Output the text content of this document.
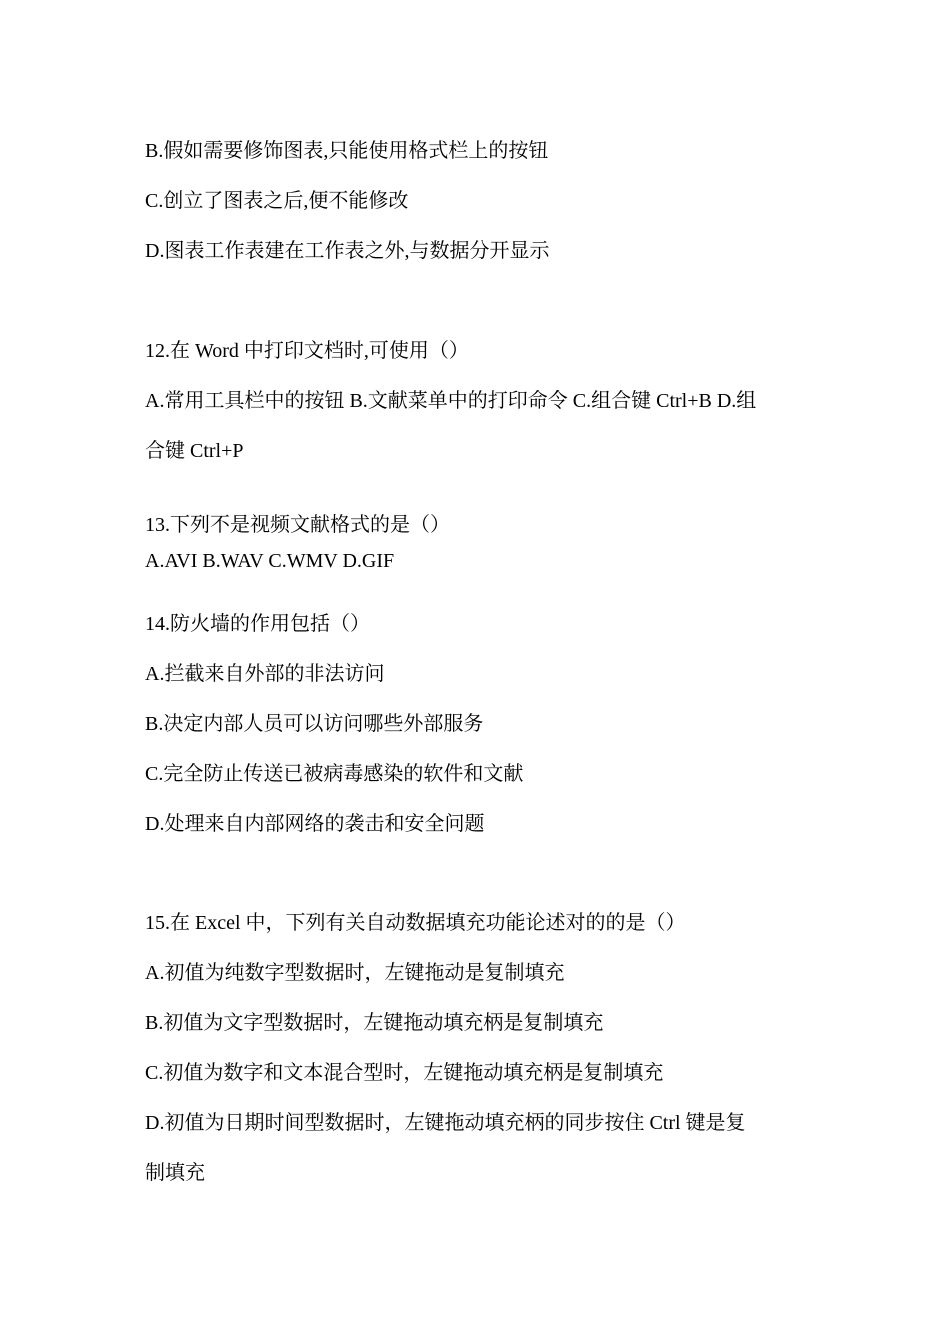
B.假如需要修饰图表,只能使用格式栏上的按钮
C.创立了图表之后,便不能修改
D.图表工作表建在工作表之外,与数据分开显示
12.在 Word 中打印文档时,可使用（）
A.常用工具栏中的按钮 B.文献菜单中的打印命令 C.组合键 Ctrl+B D.组
合键 Ctrl+P
13.下列不是视频文献格式的是（）
A.AVI B.WAV C.WMV D.GIF
14.防火墙的作用包括（）
A.拦截来自外部的非法访问
B.决定内部人员可以访问哪些外部服务
C.完全防止传送已被病毒感染的软件和文献
D.处理来自内部网络的袭击和安全问题
15.在 Excel 中，下列有关自动数据填充功能论述对的的是（）
A.初值为纯数字型数据时，左键拖动是复制填充
B.初值为文字型数据时，左键拖动填充柄是复制填充
C.初值为数字和文本混合型时，左键拖动填充柄是复制填充
D.初值为日期时间型数据时，左键拖动填充柄的同步按住 Ctrl 键是复
制填充
